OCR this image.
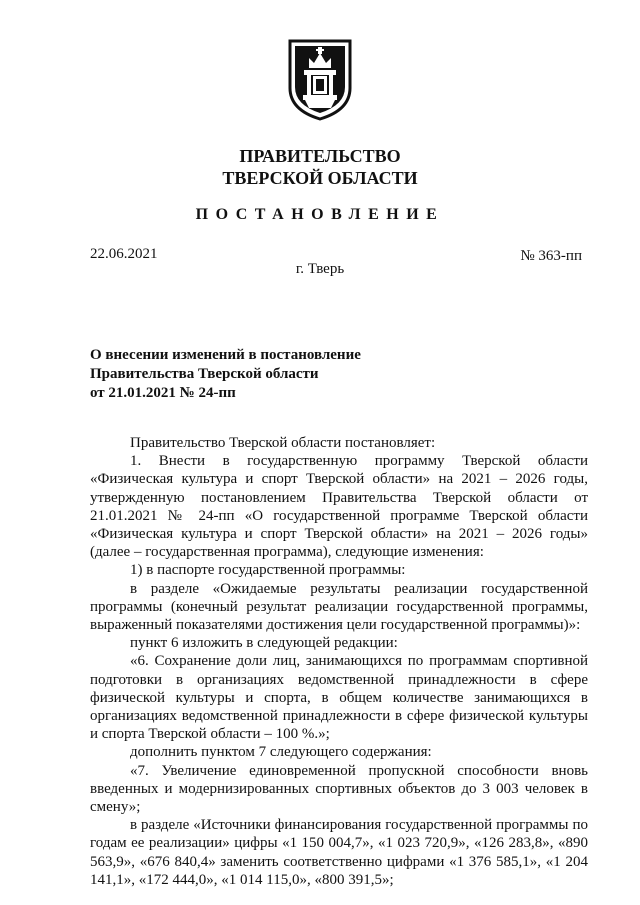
ПРАВИТЕЛЬСТВО
ТВЕРСКОЙ ОБЛАСТИ
ПОСТАНОВЛЕНИЕ
22.06.2021	№ 363-пп
г. Тверь
О внесении изменений в постановление
Правительства Тверской области
от 21.01.2021 № 24-пп

Правительство Тверской области постановляет:

1. Внести в государственную программу Тверской области «Физическая культура и спорт Тверской области» на 2021 – 2026 годы, утвержденную постановлением Правительства Тверской области от 21.01.2021 № 24-пп «О государственной программе Тверской области «Физическая культура и спорт Тверской области» на 2021 – 2026 годы» (далее – государственная программа), следующие изменения:

1) в паспорте государственной программы:

в разделе «Ожидаемые результаты реализации государственной программы (конечный результат реализации государственной программы, выраженный показателями достижения цели государственной программы)»:

пункт 6 изложить в следующей редакции:

«6. Сохранение доли лиц, занимающихся по программам спортивной подготовки в организациях ведомственной принадлежности в сфере физической культуры и спорта, в общем количестве занимающихся в организациях ведомственной принадлежности в сфере физической культуры и спорта Тверской области – 100 %.»;

дополнить пунктом 7 следующего содержания:

«7. Увеличение единовременной пропускной способности вновь введенных и модернизированных спортивных объектов до 3 003 человек в смену»;

в разделе «Источники финансирования государственной программы по годам ее реализации» цифры «1 150 004,7», «1 023 720,9», «126 283,8», «890 563,9», «676 840,4» заменить соответственно цифрами «1 376 585,1», «1 204 141,1», «172 444,0», «1 014 115,0», «800 391,5»;
